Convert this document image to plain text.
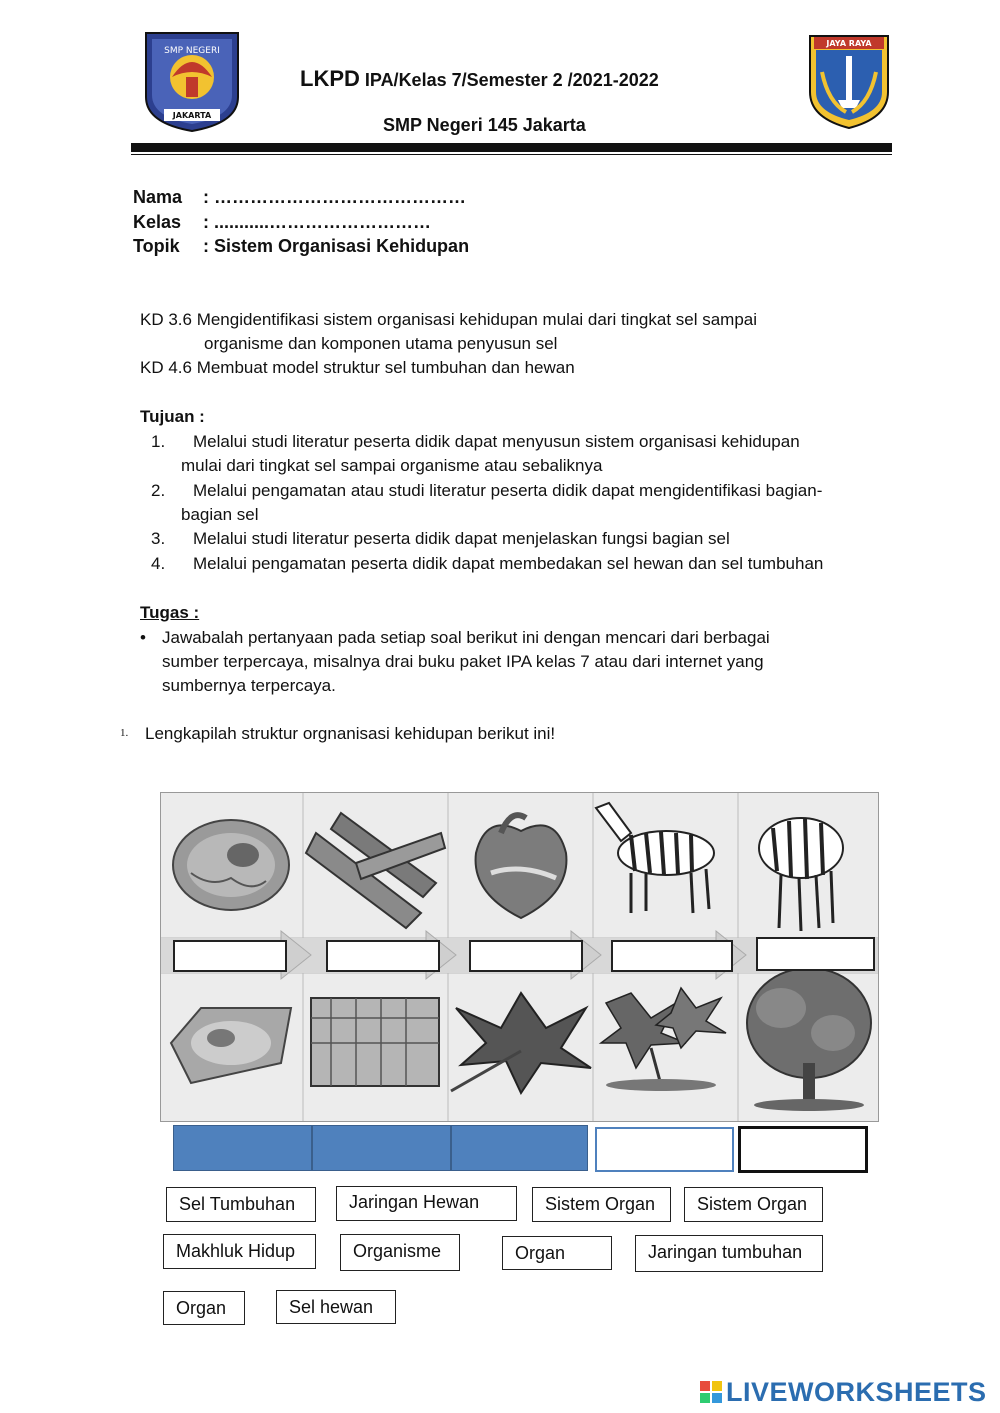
SMP NEGERI
JAKARTA
LKPD IPA/Kelas 7/Semester 2 /2021-2022
SMP Negeri 145 Jakarta
JAYA RAYA
Nama : ……………………………………
Kelas : ...........………………………
Topik : Sistem Organisasi Kehidupan
KD 3.6 Mengidentifikasi sistem organisasi kehidupan mulai dari tingkat sel sampai
organisme dan komponen utama penyusun sel
KD 4.6 Membuat model struktur sel tumbuhan dan hewan
Tujuan :
1. Melalui studi literatur peserta didik dapat menyusun sistem organisasi kehidupan
mulai dari tingkat sel sampai organisme atau sebaliknya
2. Melalui pengamatan atau studi literatur peserta didik dapat mengidentifikasi bagian-
bagian sel
3. Melalui studi literatur peserta didik dapat menjelaskan fungsi bagian sel
4. Melalui pengamatan peserta didik dapat membedakan sel hewan dan sel tumbuhan
Tugas :
• Jawabalah pertanyaan pada setiap soal berikut ini dengan mencari dari berbagai
sumber terpercaya, misalnya drai buku paket IPA kelas 7 atau dari internet yang
sumbernya terpercaya.
1. Lengkapilah struktur orgnanisasi kehidupan berikut ini!
Sel Tumbuhan	Jaringan Hewan	Sistem Organ	Sistem Organ
Makhluk Hidup	Organisme	Organ	Jaringan tumbuhan
Organ	Sel hewan
LIVEWORKSHEETS
